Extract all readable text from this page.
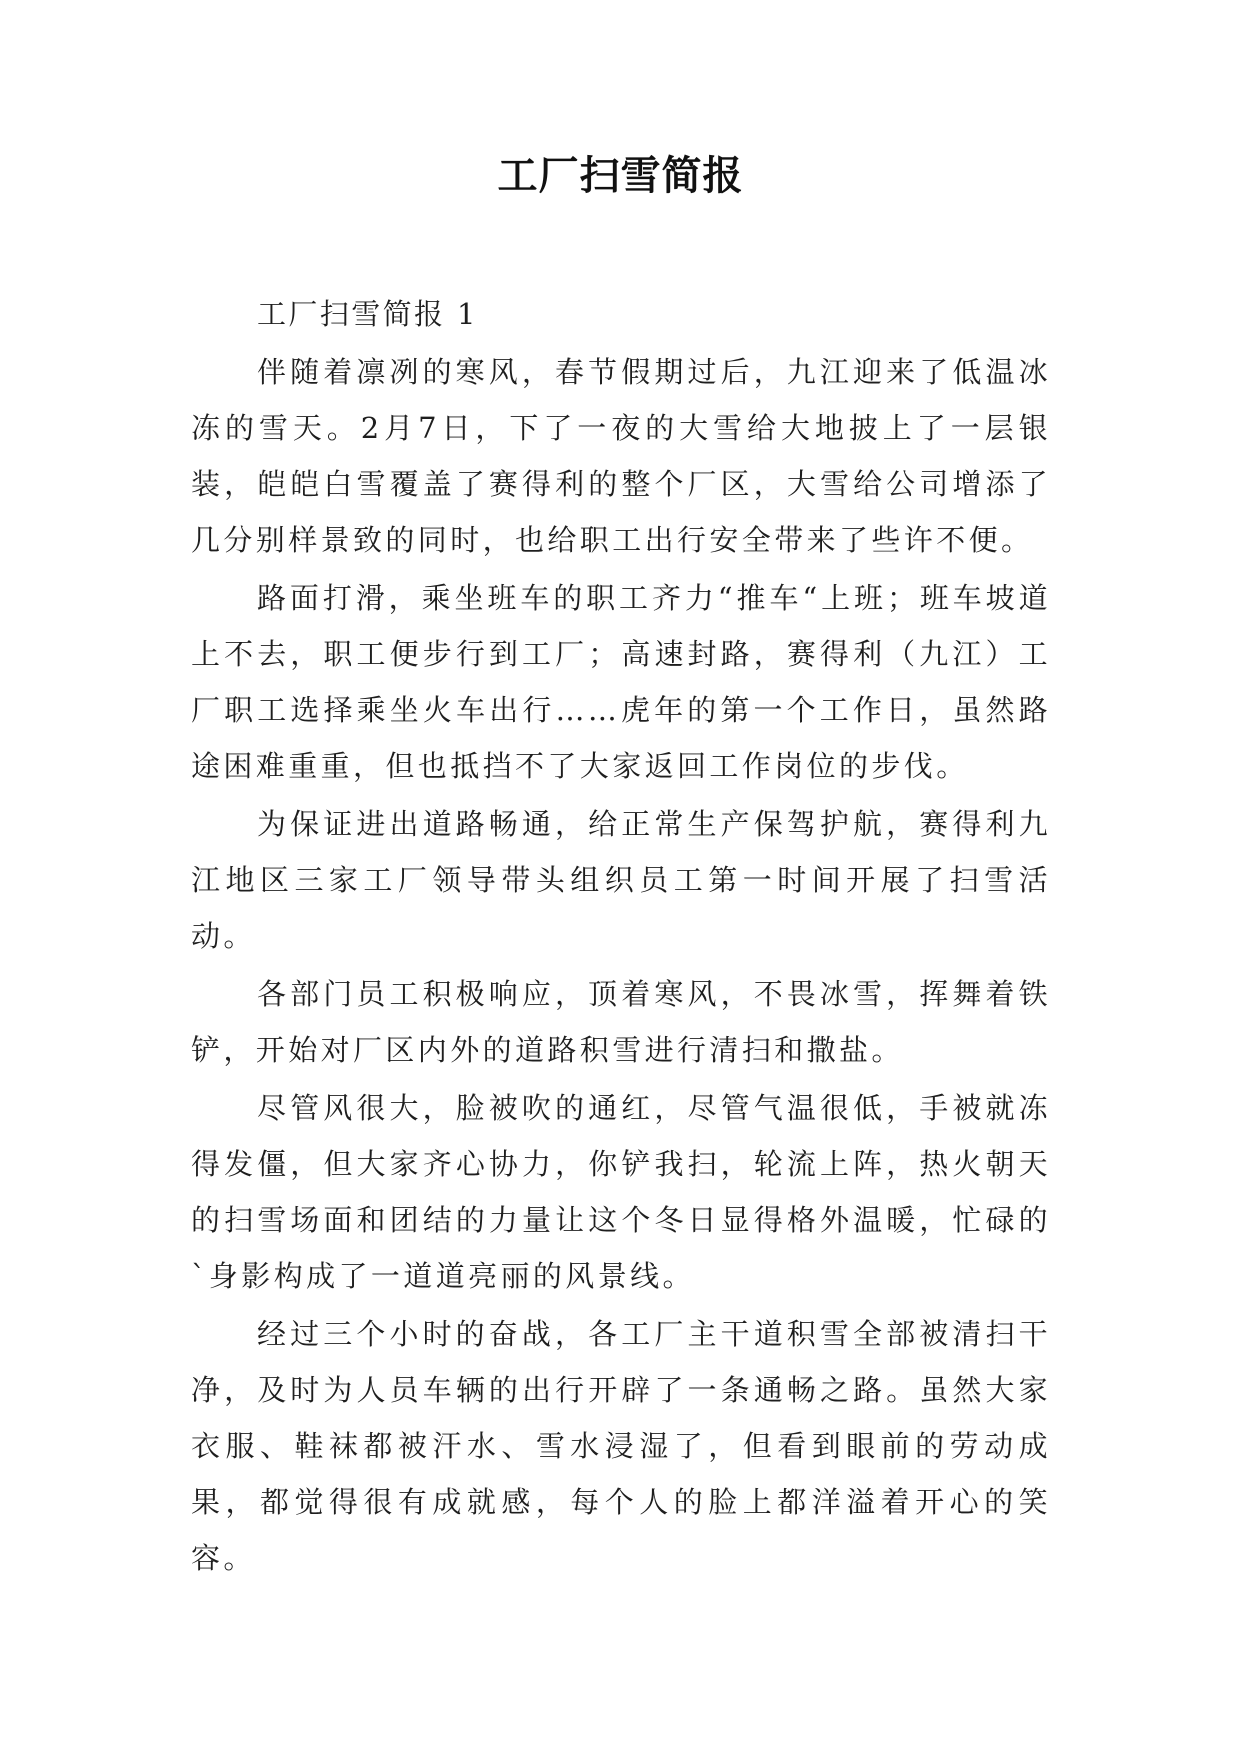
工厂扫雪简报

工厂扫雪简报 1

伴随着凛冽的寒风，春节假期过后，九江迎来了低温冰冻的雪天。2月7日，下了一夜的大雪给大地披上了一层银装，皑皑白雪覆盖了赛得利的整个厂区，大雪给公司增添了几分别样景致的同时，也给职工出行安全带来了些许不便。

路面打滑，乘坐班车的职工齐力“推车“上班；班车坡道上不去，职工便步行到工厂；高速封路，赛得利（九江）工厂职工选择乘坐火车出行……虎年的第一个工作日，虽然路途困难重重，但也抵挡不了大家返回工作岗位的步伐。

为保证进出道路畅通，给正常生产保驾护航，赛得利九江地区三家工厂领导带头组织员工第一时间开展了扫雪活动。

各部门员工积极响应，顶着寒风，不畏冰雪，挥舞着铁铲，开始对厂区内外的道路积雪进行清扫和撒盐。

尽管风很大，脸被吹的通红，尽管气温很低，手被就冻得发僵，但大家齐心协力，你铲我扫，轮流上阵，热火朝天的扫雪场面和团结的力量让这个冬日显得格外温暖，忙碌的`身影构成了一道道亮丽的风景线。

经过三个小时的奋战，各工厂主干道积雪全部被清扫干净，及时为人员车辆的出行开辟了一条通畅之路。虽然大家衣服、鞋袜都被汗水、雪水浸湿了，但看到眼前的劳动成果，都觉得很有成就感，每个人的脸上都洋溢着开心的笑容。
